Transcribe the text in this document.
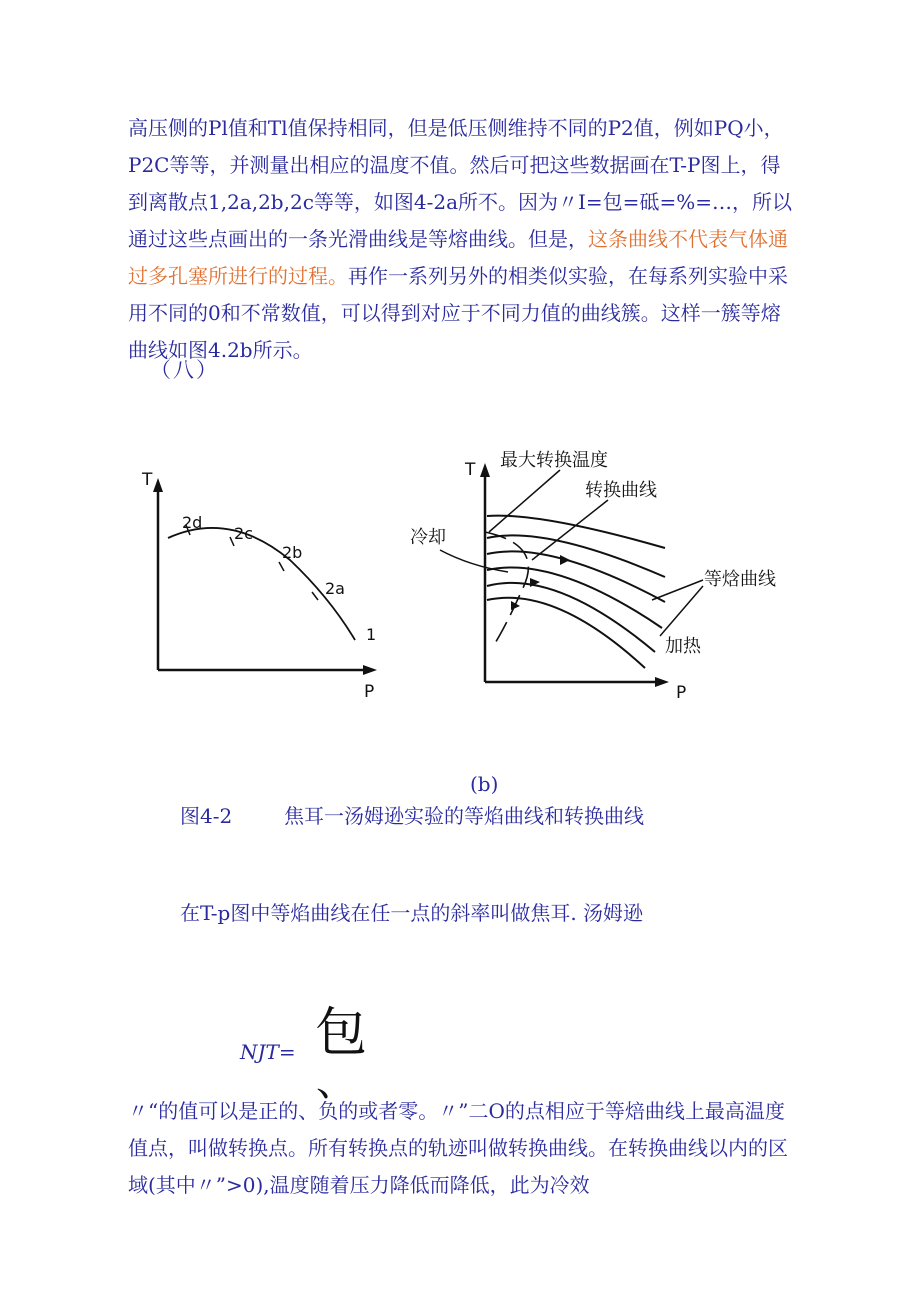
高压侧的Pl值和Tl值保持相同，但是低压侧维持不同的P2值，例如PQ小，P2C等等，并测量出相应的温度不值。然后可把这些数据画在T-P图上，得到离散点1,2a,2b,2c等等，如图4-2a所不。因为〃I=包=砥=%=…，所以通过这些点画出的一条光滑曲线是等熔曲线。但是，这条曲线不代表气体通过多孔塞所进行的过程。再作一系列另外的相类似实验，在每系列实验中采用不同的0和不常数值，可以得到对应于不同力值的曲线簇。这样一簇等熔曲线如图4.2b所示。

（八）
T
P
2d
2c
2b
2a
1
T
P
最大转换温度
转换曲线
冷却
等焓曲线
加热
(b)
图4-2	焦耳一汤姆逊实验的等焰曲线和转换曲线
在T-p图中等焰曲线在任一点的斜率叫做焦耳. 汤姆逊
NJT= 包
、

〃“的值可以是正的、负的或者零。〃”二O的点相应于等焙曲线上最高温度值点，叫做转换点。所有转换点的轨迹叫做转换曲线。在转换曲线以内的区域(其中〃”>0),温度随着压力降低而降低，此为冷效
